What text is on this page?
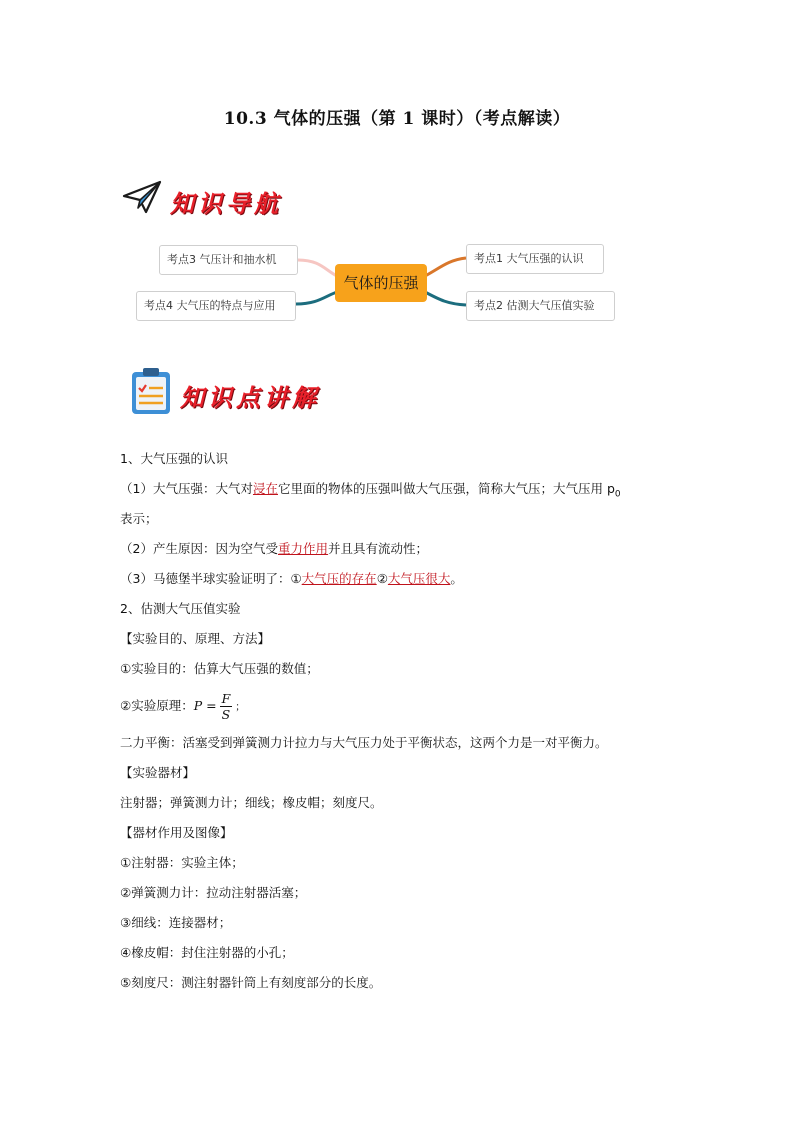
10.3 气体的压强（第 1 课时）（考点解读）
知识导航
考点3 气压计和抽水机
考点4 大气压的特点与应用
气体的压强
考点1 大气压强的认识
考点2 估测大气压值实验
知识点讲解
1、大气压强的认识
（1）大气压强：大气对浸在它里面的物体的压强叫做大气压强，简称大气压；大气压用 $p_0$
表示；
（2）产生原因：因为空气受重力作用并且具有流动性；
（3）马德堡半球实验证明了：①大气压的存在②大气压很大。
2、估测大气压值实验
【实验目的、原理、方法】
①实验目的：估算大气压强的数值；
②实验原理：$P = \frac{F}{S}$ ；
二力平衡：活塞受到弹簧测力计拉力与大气压力处于平衡状态，这两个力是一对平衡力。
【实验器材】
注射器；弹簧测力计；细线；橡皮帽；刻度尺。
【器材作用及图像】
①注射器：实验主体；
②弹簧测力计：拉动注射器活塞；
③细线：连接器材；
④橡皮帽：封住注射器的小孔；
⑤刻度尺：测注射器针筒上有刻度部分的长度。
